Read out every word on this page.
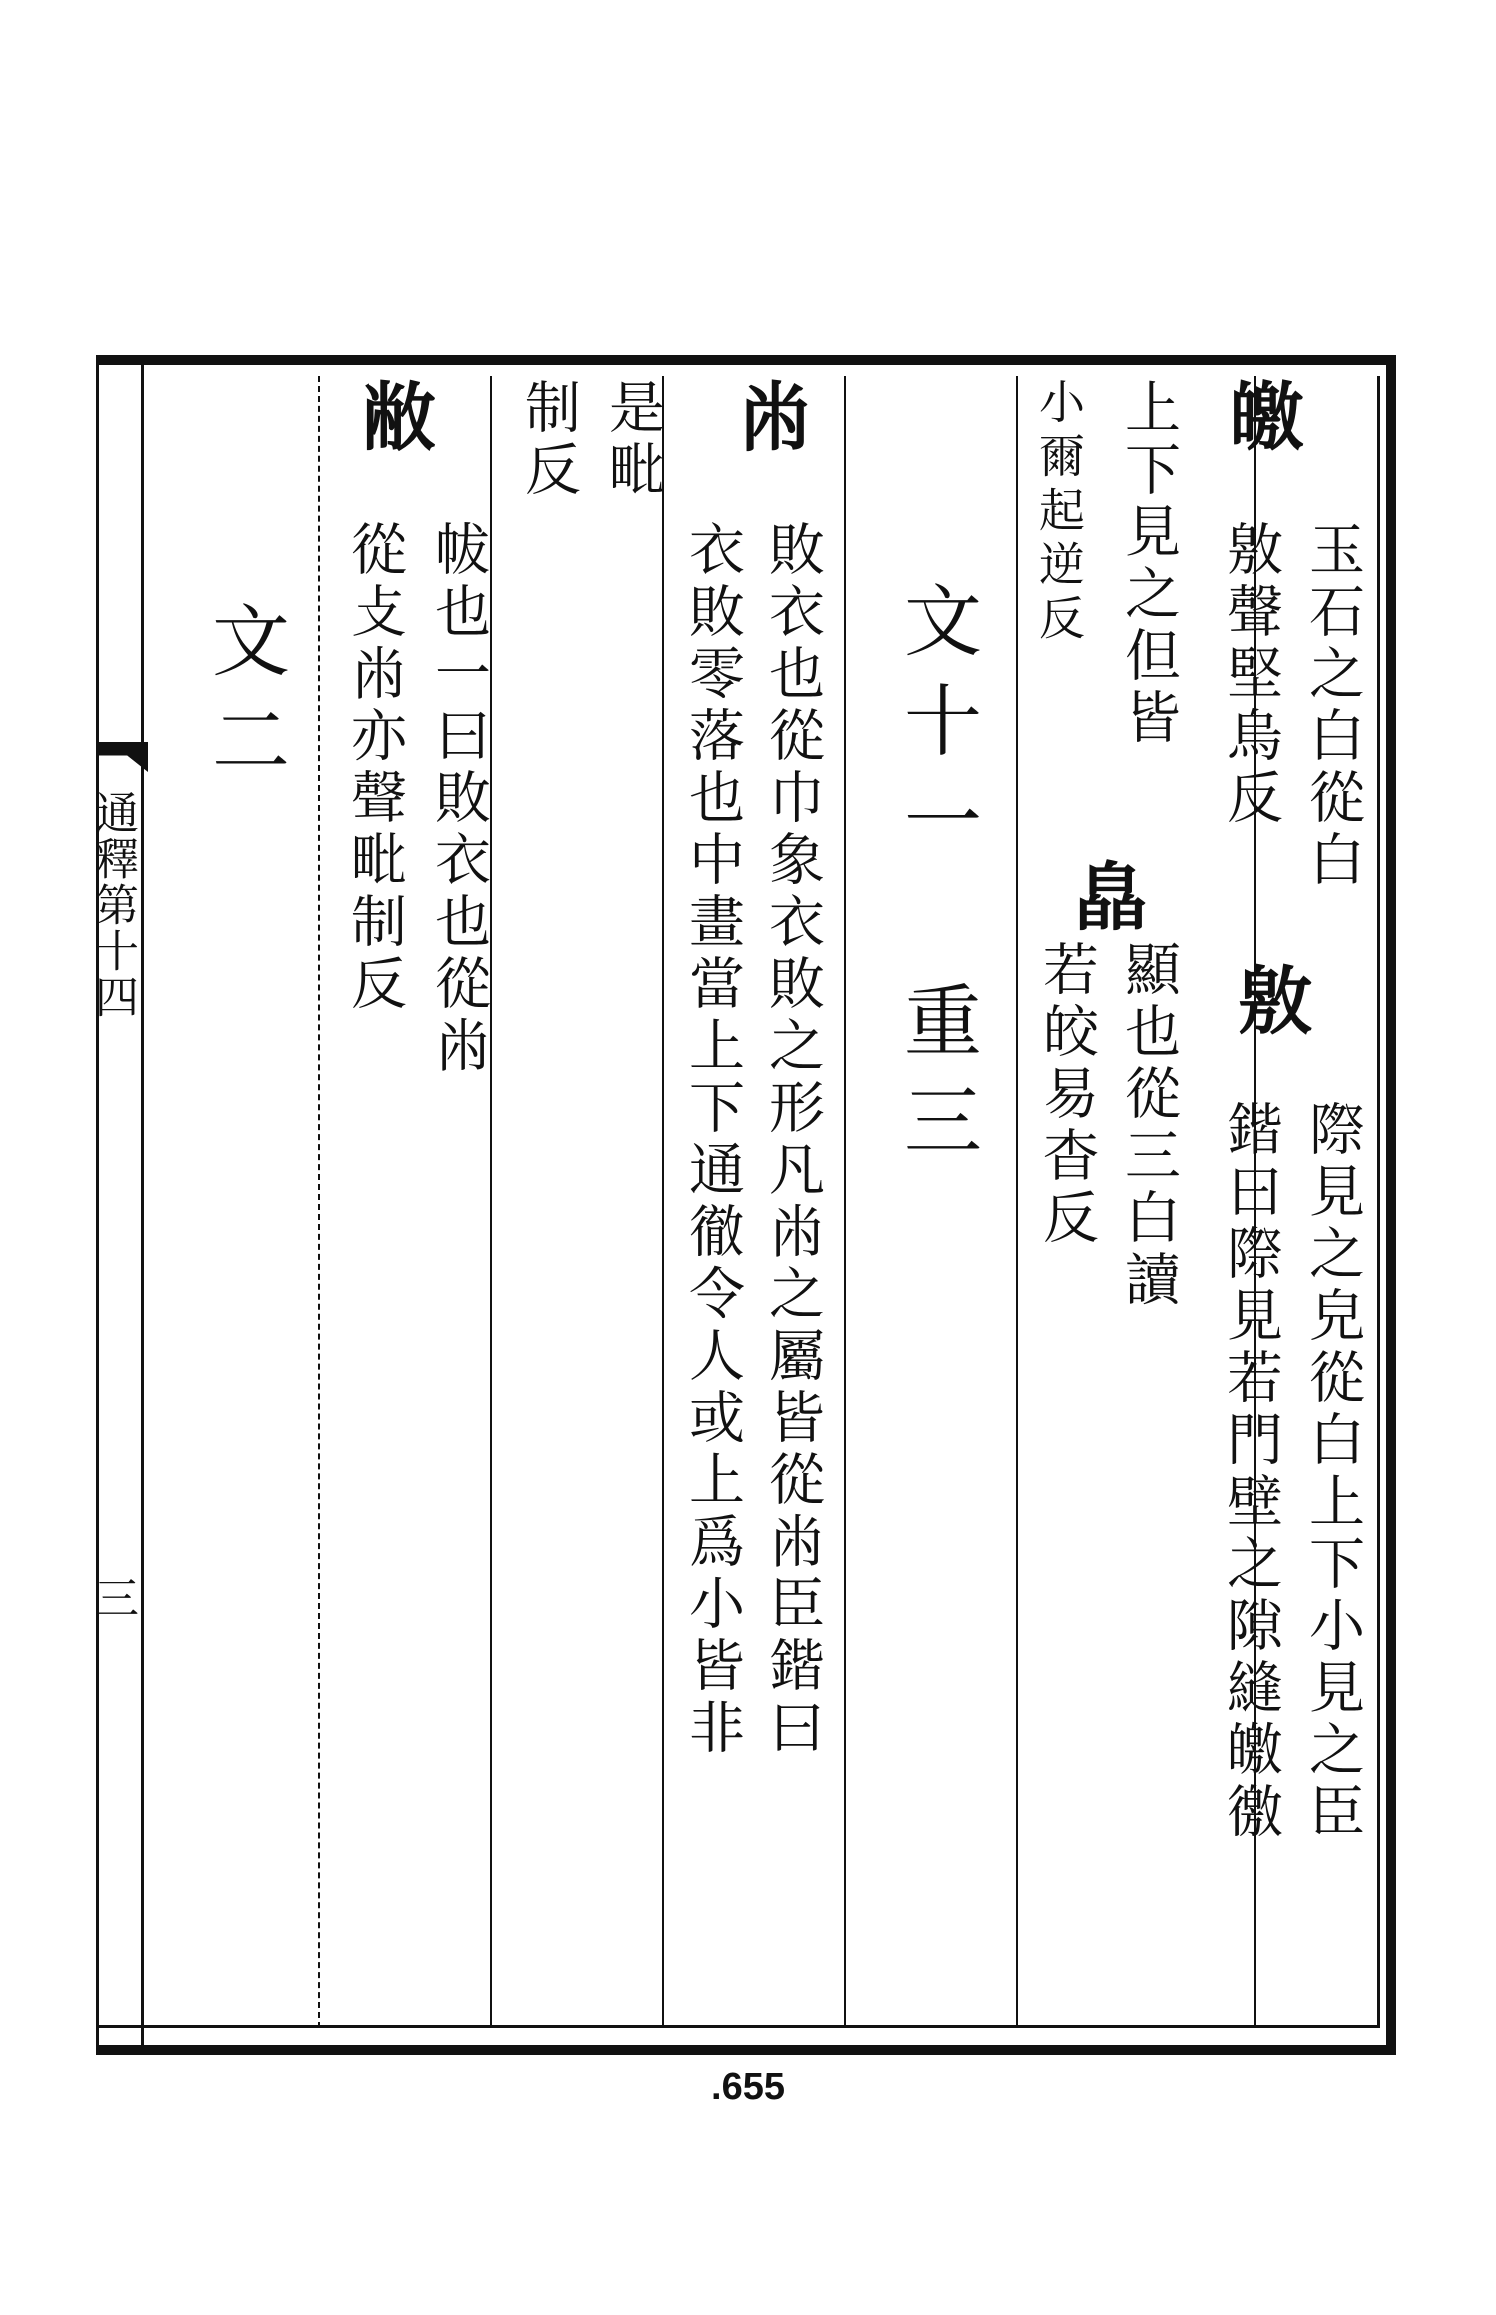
通釋第十四
三
皦
玉石之白從白
敫
際見之皃從白上下小見之臣
敫聲堅烏反
鍇曰際見若門壁之隙縫皦徼
上下見之但皆
皛
顯也從三白讀
小爾起逆反
若皎易杳反
文十一　重三
㡀
敗衣也從巾象衣敗之形凡㡀之屬皆從㡀臣鍇曰
衣敗零落也中畫當上下通徹令人或上爲小皆非
是毗
制反
敝
帗也一曰敗衣也從㡀
從攴㡀亦聲毗制反
文二
.655
